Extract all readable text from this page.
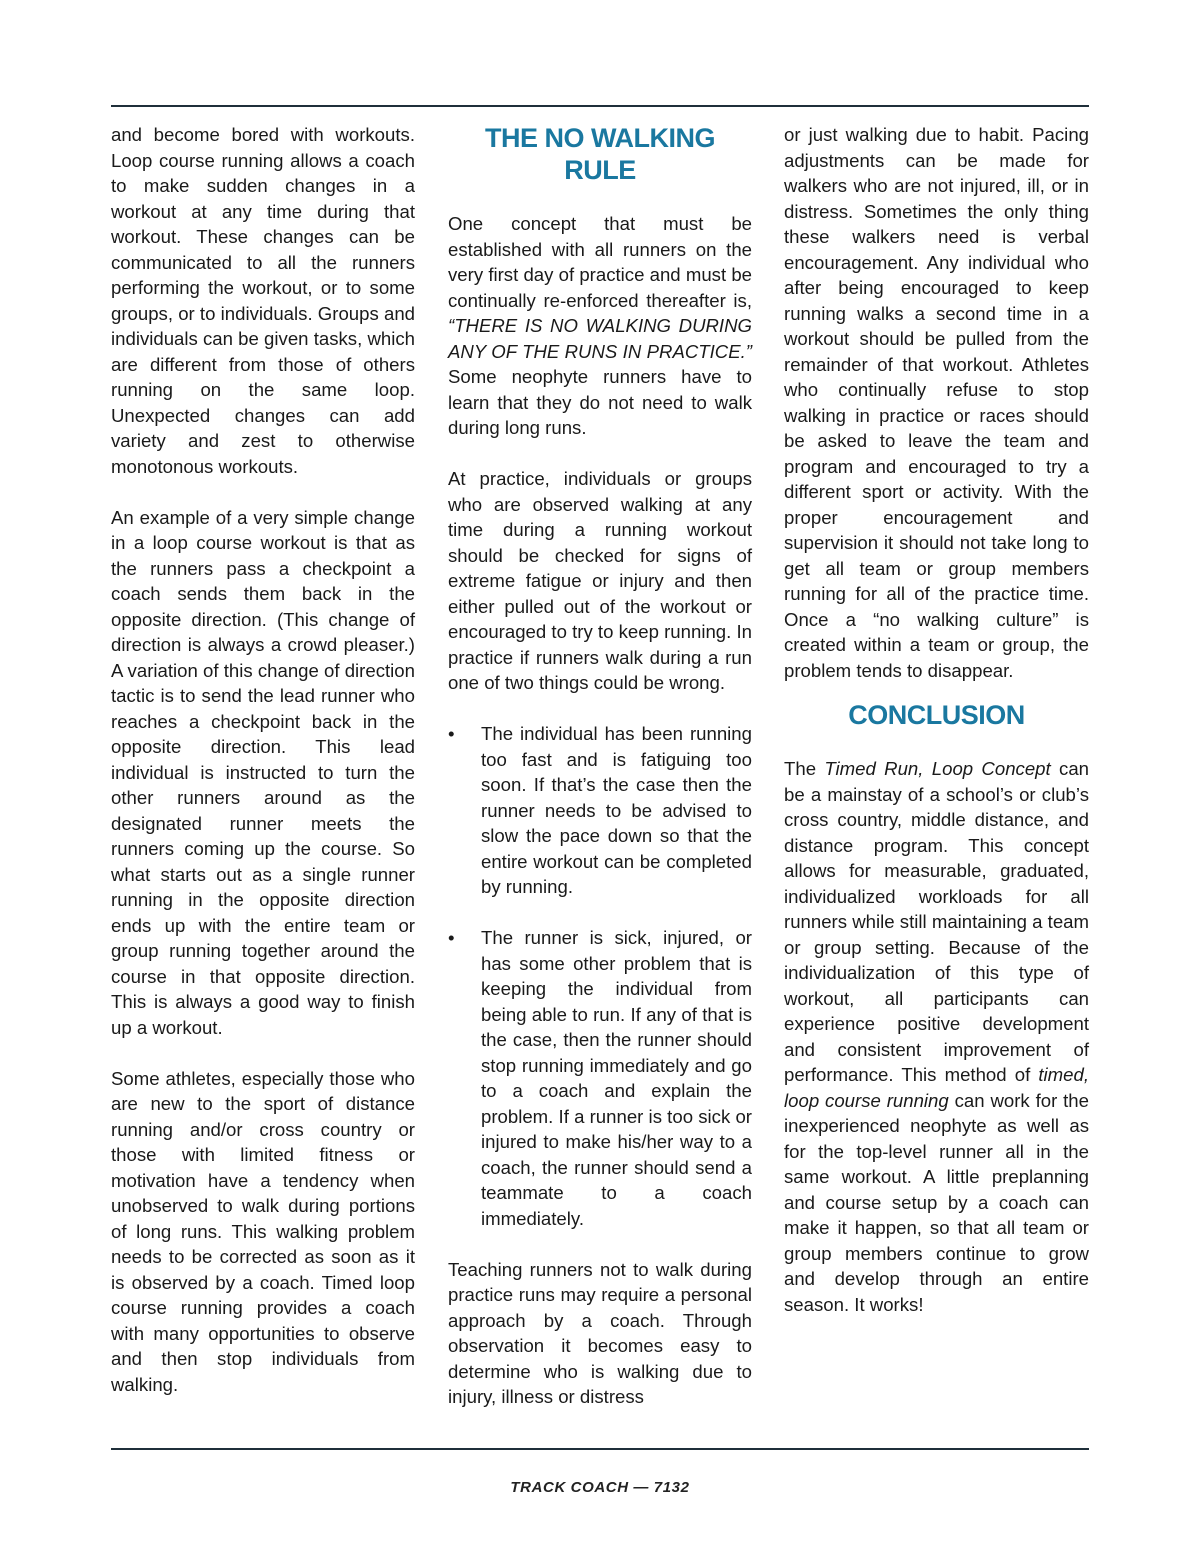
and become bored with workouts. Loop course running allows a coach to make sudden changes in a workout at any time during that workout. These changes can be communicated to all the runners performing the workout, or to some groups, or to individuals. Groups and individuals can be given tasks, which are different from those of others running on the same loop. Unexpected changes can add variety and zest to otherwise monotonous workouts.

An example of a very simple change in a loop course workout is that as the runners pass a checkpoint a coach sends them back in the opposite direction. (This change of direction is always a crowd pleaser.) A variation of this change of direction tactic is to send the lead runner who reaches a checkpoint back in the opposite direction. This lead individual is instructed to turn the other runners around as the designated runner meets the runners coming up the course. So what starts out as a single runner running in the opposite direction ends up with the entire team or group running together around the course in that opposite direction. This is always a good way to finish up a workout.

Some athletes, especially those who are new to the sport of distance running and/or cross country or those with limited fitness or motivation have a tendency when unobserved to walk during portions of long runs. This walking problem needs to be corrected as soon as it is observed by a coach. Timed loop course running provides a coach with many opportunities to observe and then stop individuals from walking.

THE NO WALKING RULE

One concept that must be established with all runners on the very first day of practice and must be continually re-enforced thereafter is, “THERE IS NO WALKING DURING ANY OF THE RUNS IN PRACTICE.” Some neophyte runners have to learn that they do not need to walk during long runs.

At practice, individuals or groups who are observed walking at any time during a running workout should be checked for signs of extreme fatigue or injury and then either pulled out of the workout or encouraged to try to keep running. In practice if runners walk during a run one of two things could be wrong.

• The individual has been running too fast and is fatiguing too soon. If that’s the case then the runner needs to be advised to slow the pace down so that the entire workout can be completed by running.
• The runner is sick, injured, or has some other problem that is keeping the individual from being able to run. If any of that is the case, then the runner should stop running immediately and go to a coach and explain the problem. If a runner is too sick or injured to make his/her way to a coach, the runner should send a teammate to a coach immediately.

Teaching runners not to walk during practice runs may require a personal approach by a coach. Through observation it becomes easy to determine who is walking due to injury, illness or distress

or just walking due to habit. Pacing adjustments can be made for walkers who are not injured, ill, or in distress. Sometimes the only thing these walkers need is verbal encouragement. Any individual who after being encouraged to keep running walks a second time in a workout should be pulled from the remainder of that workout. Athletes who continually refuse to stop walking in practice or races should be asked to leave the team and program and encouraged to try a different sport or activity. With the proper encouragement and supervision it should not take long to get all team or group members running for all of the practice time. Once a “no walking culture” is created within a team or group, the problem tends to disappear.

CONCLUSION

The Timed Run, Loop Concept can be a mainstay of a school’s or club’s cross country, middle distance, and distance program. This concept allows for measurable, graduated, individualized workloads for all runners while still maintaining a team or group setting. Because of the individualization of this type of workout, all participants can experience positive development and consistent improvement of performance. This method of timed, loop course running can work for the inexperienced neophyte as well as for the top-level runner all in the same workout. A little preplanning and course setup by a coach can make it happen, so that all team or group members continue to grow and develop through an entire season. It works!

TRACK COACH — 7132
